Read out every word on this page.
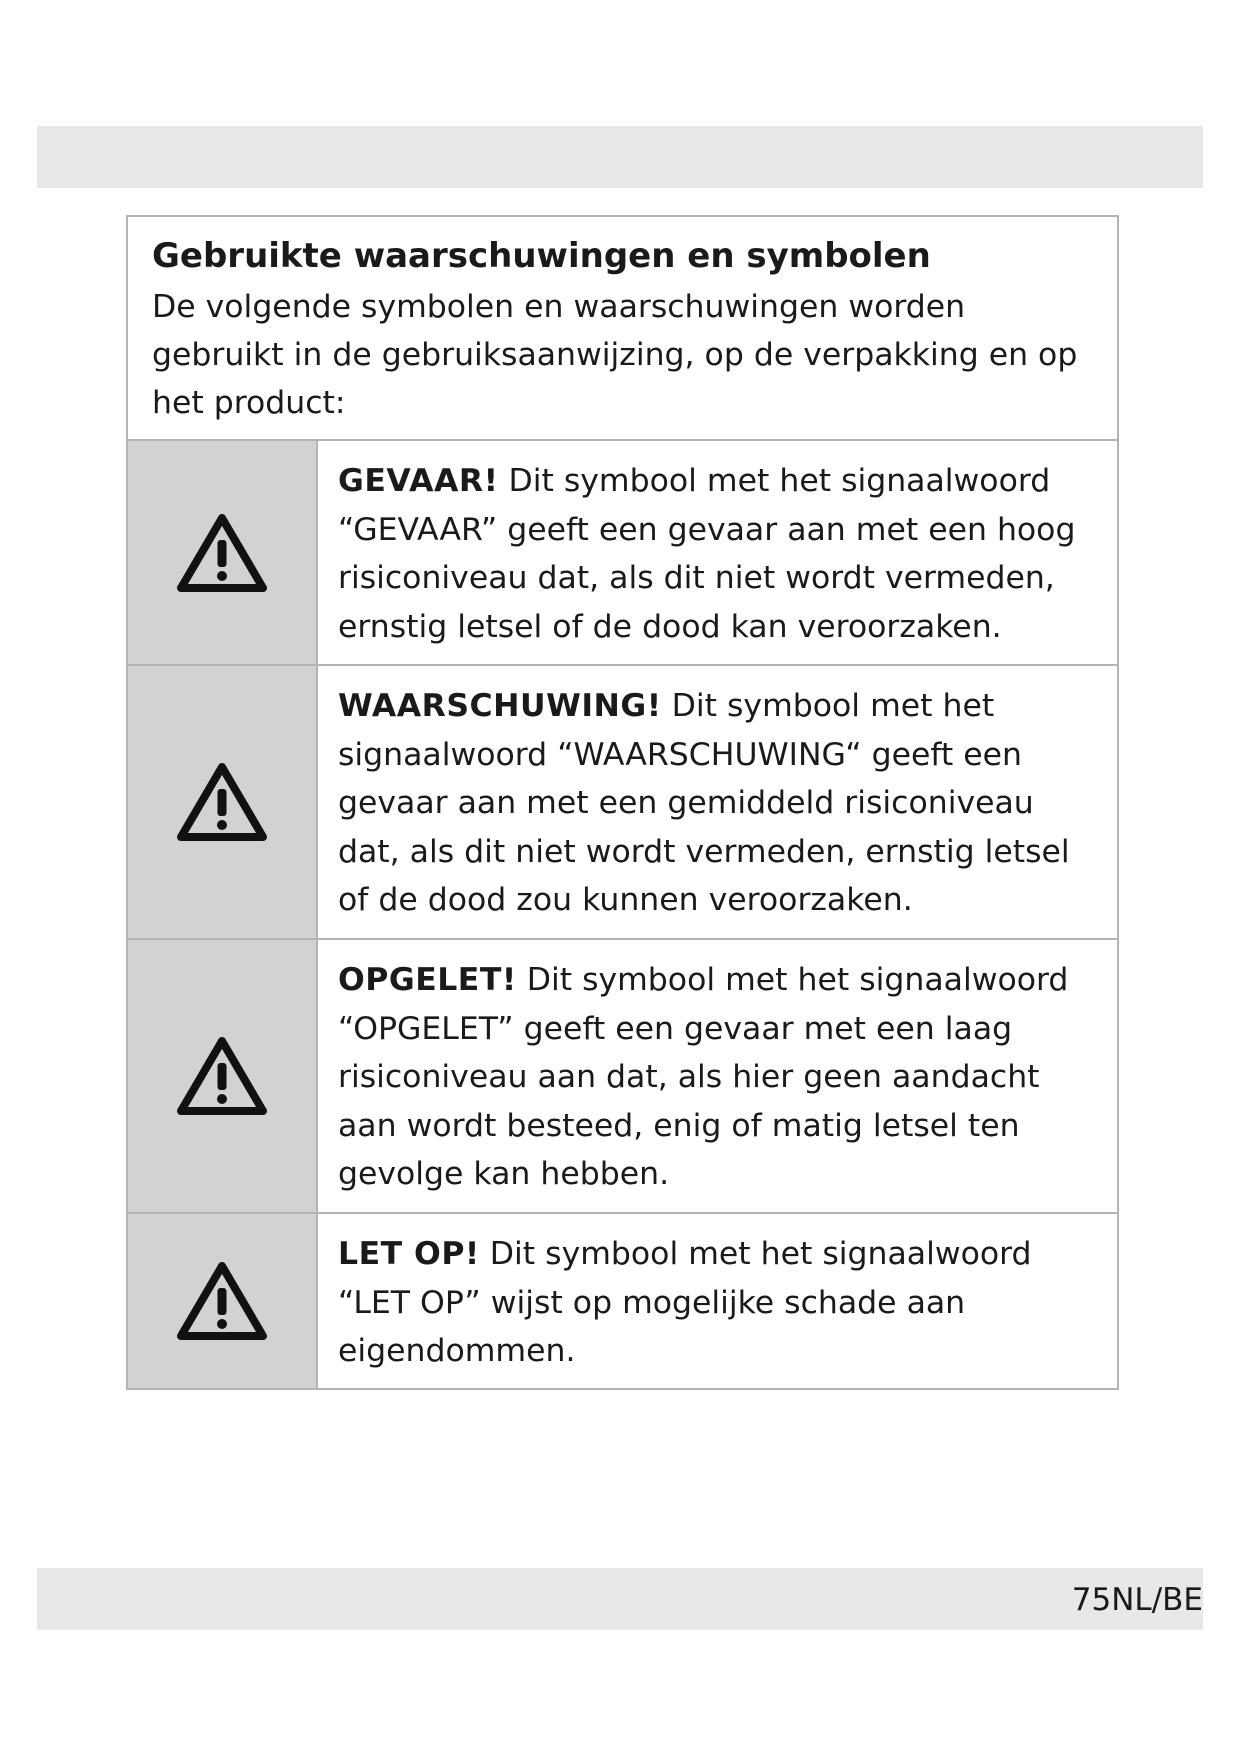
Gebruikte waarschuwingen en symbolen

De volgende symbolen en waarschuwingen worden gebruikt in de gebruiksaanwijzing, op de verpakking en op het product:

GEVAAR! Dit symbool met het signaalwoord “GEVAAR” geeft een gevaar aan met een hoog risiconiveau dat, als dit niet wordt vermeden, ernstig letsel of de dood kan veroorzaken.
WAARSCHUWING! Dit symbool met het signaalwoord “WAARSCHUWING“ geeft een gevaar aan met een gemiddeld risiconiveau dat, als dit niet wordt vermeden, ernstig letsel of de dood zou kunnen veroorzaken.
OPGELET! Dit symbool met het signaalwoord “OPGELET” geeft een gevaar met een laag risiconiveau aan dat, als hier geen aandacht aan wordt besteed, enig of matig letsel ten gevolge kan hebben.
LET OP! Dit symbool met het signaalwoord “LET OP” wijst op mogelijke schade aan eigendommen.
75NL/BE
